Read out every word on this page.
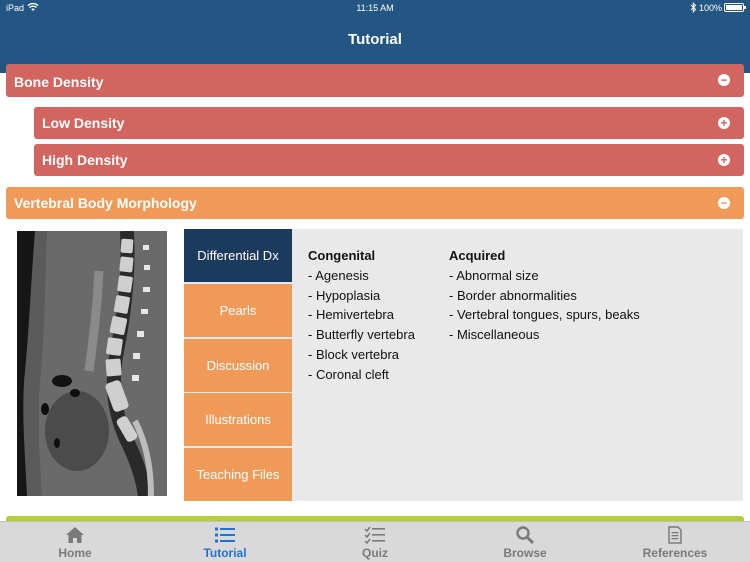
iPad	11:15 AM	100%
Tutorial
Bone Density	−
Low Density	+
High Density	+
Vertebral Body Morphology	−
Differential Dx
Pearls
Discussion
Illustrations
Teaching Files
Congenital
- Agenesis
- Hypoplasia
- Hemivertebra
- Butterfly vertebra
- Block vertebra
- Coronal cleft
Acquired
- Abnormal size
- Border abnormalities
- Vertebral tongues, spurs, beaks
- Miscellaneous
Home	Tutorial	Quiz	Browse	References
